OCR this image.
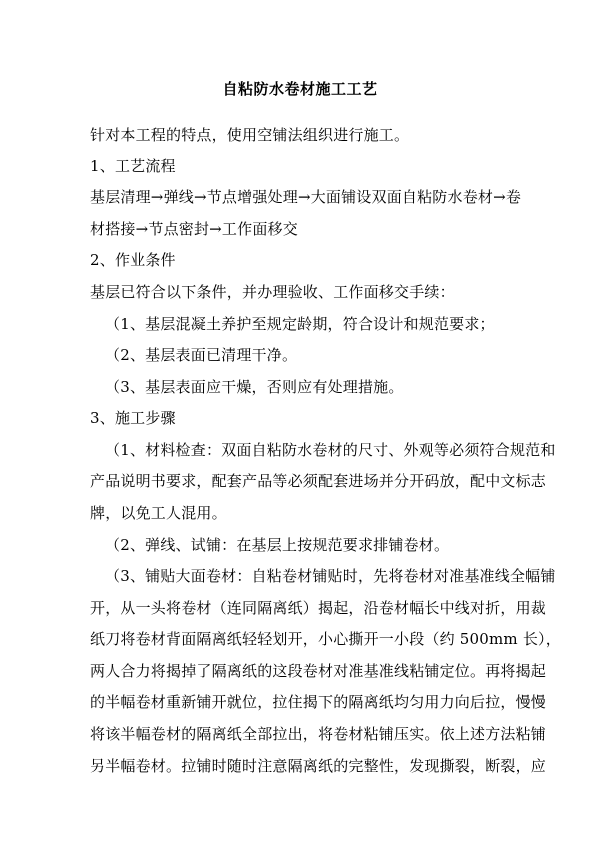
自粘防水卷材施工工艺
针对本工程的特点，使用空铺法组织进行施工。
1、工艺流程
基层清理→弹线→节点增强处理→大面铺设双面自粘防水卷材→卷
材搭接→节点密封→工作面移交
2、作业条件
基层已符合以下条件，并办理验收、工作面移交手续：
（1、基层混凝土养护至规定龄期，符合设计和规范要求；
（2、基层表面已清理干净。
（3、基层表面应干燥，否则应有处理措施。
3、施工步骤
（1、材料检查：双面自粘防水卷材的尺寸、外观等必须符合规范和
产品说明书要求，配套产品等必须配套进场并分开码放，配中文标志
牌，以免工人混用。
（2、弹线、试铺：在基层上按规范要求排铺卷材。
（3、铺贴大面卷材：自粘卷材铺贴时，先将卷材对准基准线全幅铺
开，从一头将卷材（连同隔离纸）揭起，沿卷材幅长中线对折，用裁
纸刀将卷材背面隔离纸轻轻划开，小心撕开一小段（约 500mm 长），
两人合力将揭掉了隔离纸的这段卷材对准基准线粘铺定位。再将揭起
的半幅卷材重新铺开就位，拉住揭下的隔离纸均匀用力向后拉，慢慢
将该半幅卷材的隔离纸全部拉出，将卷材粘铺压实。依上述方法粘铺
另半幅卷材。拉铺时随时注意隔离纸的完整性，发现撕裂，断裂，应
